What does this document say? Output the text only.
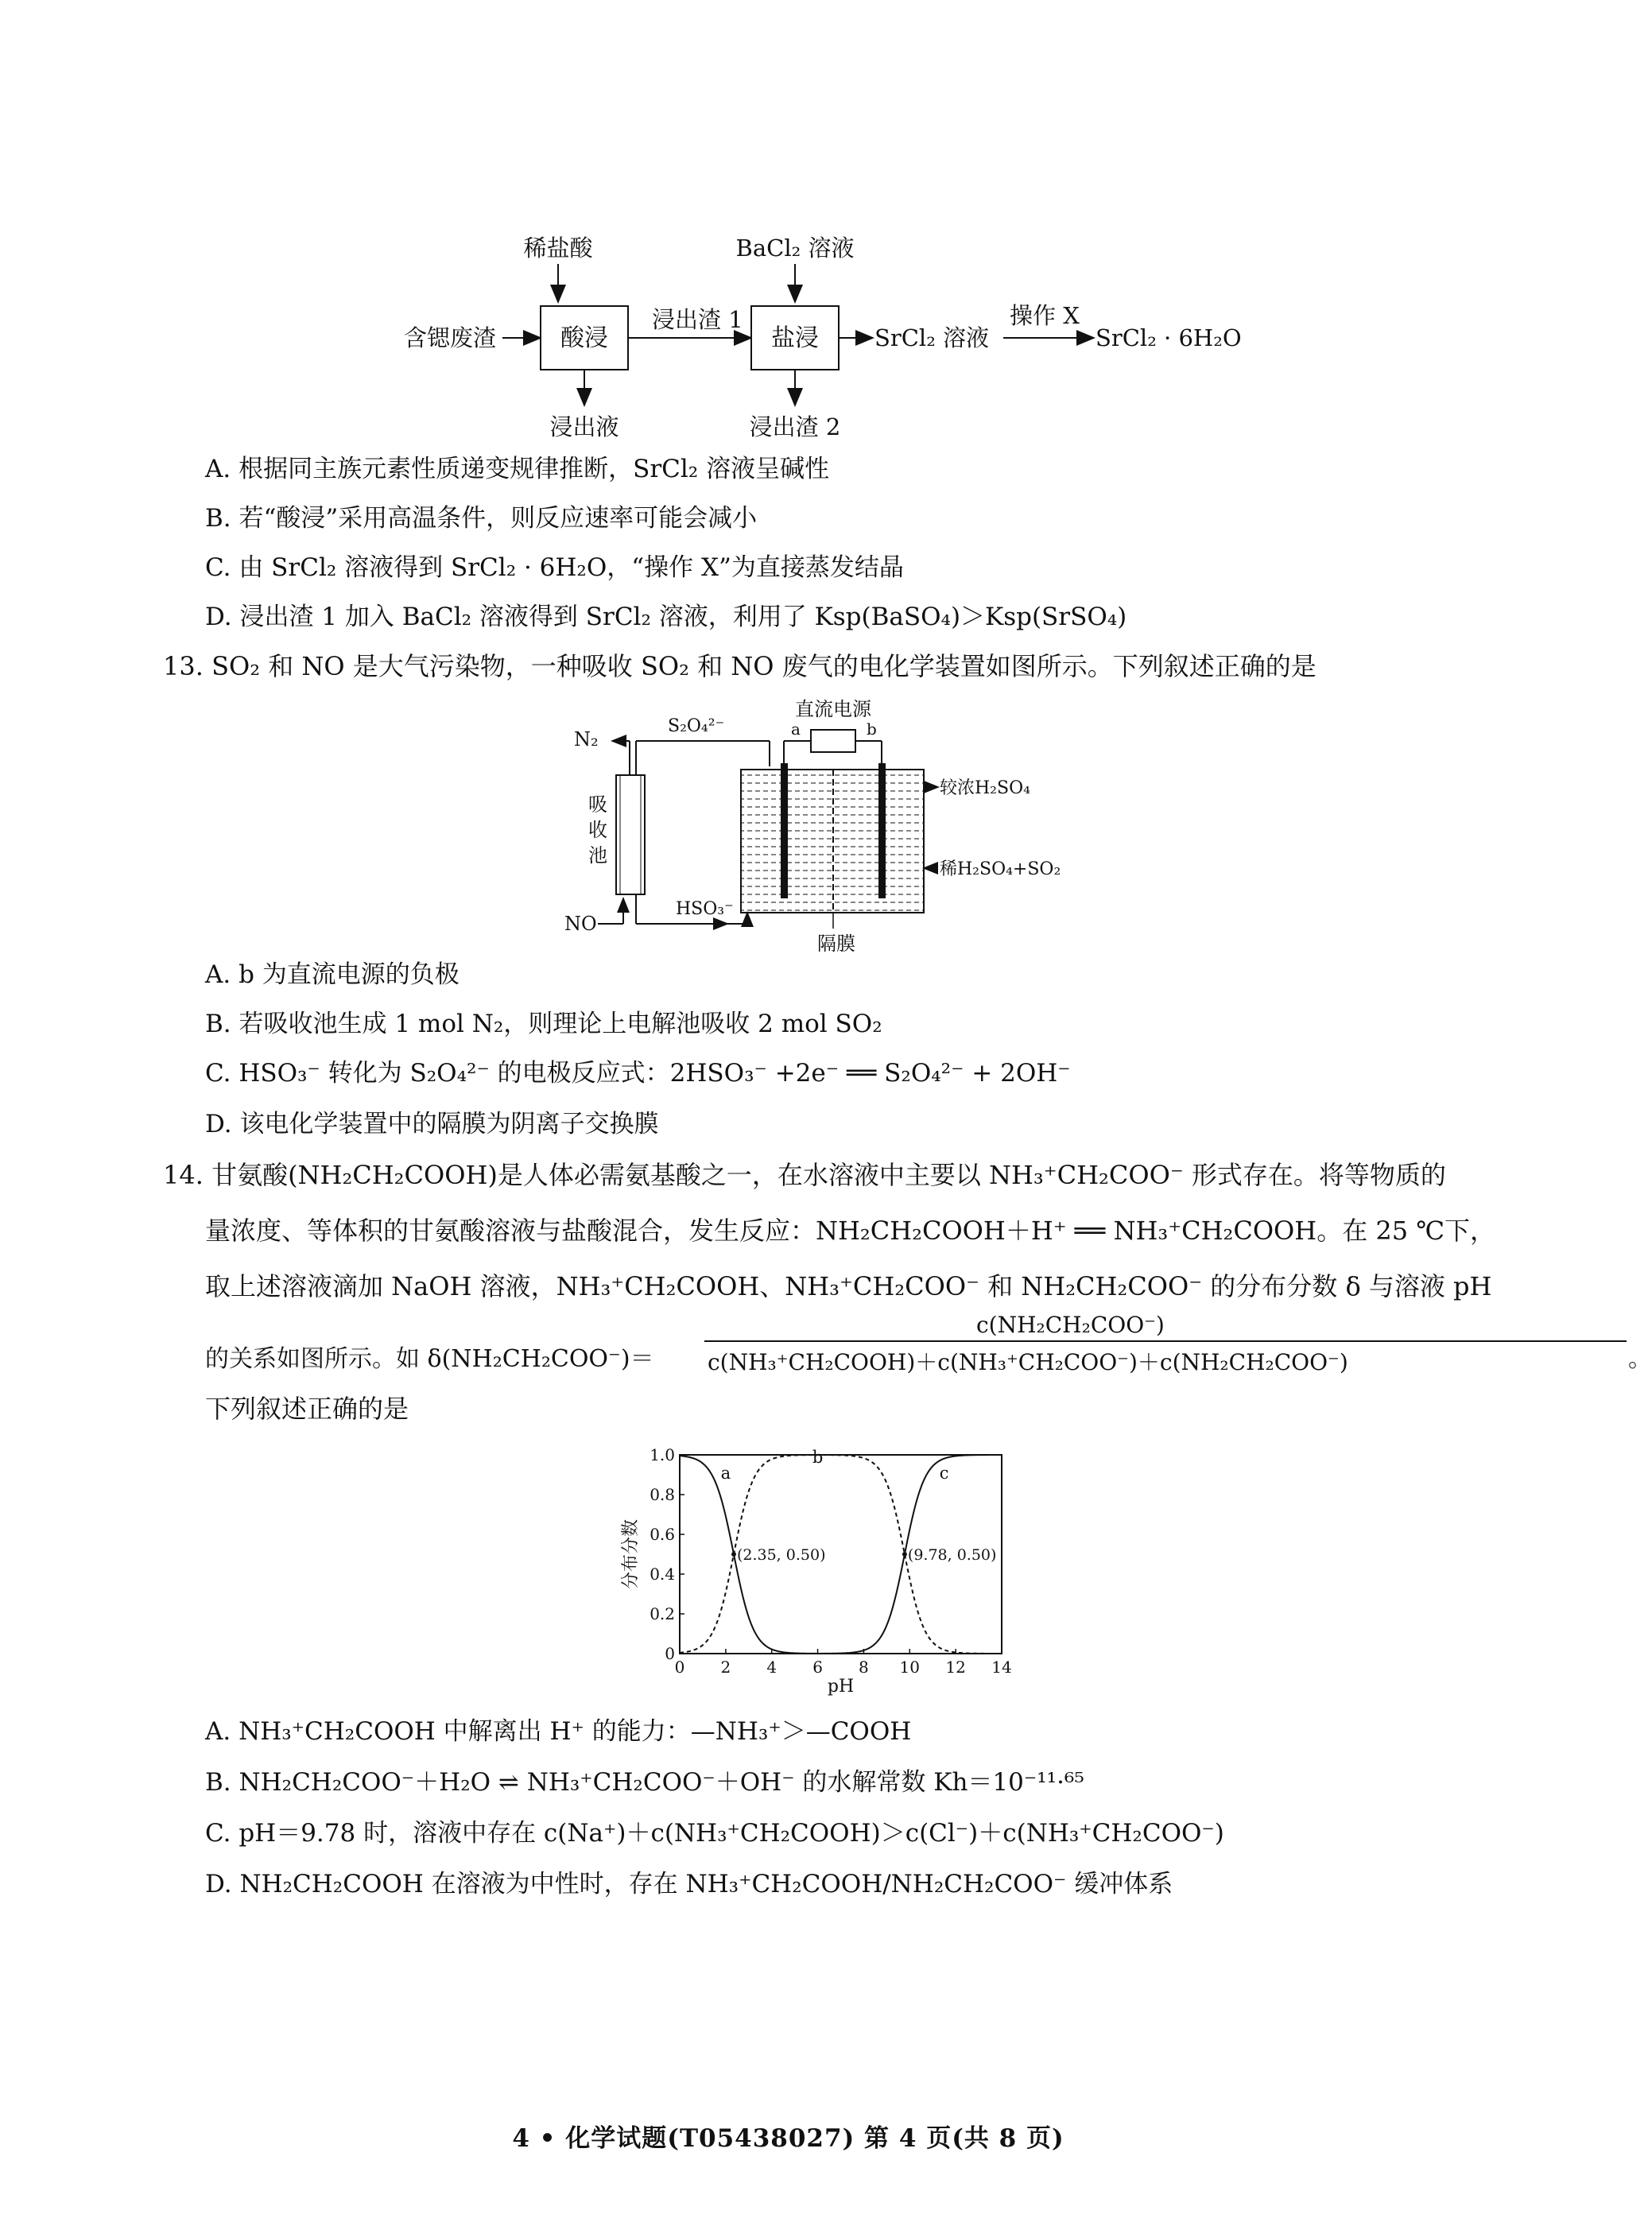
稀盐酸	BaCl₂ 溶液
含锶废渣	酸浸
浸出渣 1
盐浸 SrCl₂ 溶液
操作 X
SrCl₂ · 6H₂O
浸出液	浸出渣 2
A. 根据同主族元素性质递变规律推断，SrCl₂ 溶液呈碱性
B. 若“酸浸”采用高温条件，则反应速率可能会减小
C. 由 SrCl₂ 溶液得到 SrCl₂ · 6H₂O，“操作 X”为直接蒸发结晶
D. 浸出渣 1 加入 BaCl₂ 溶液得到 SrCl₂ 溶液，利用了 Ksp(BaSO₄)＞Ksp(SrSO₄)
13. SO₂ 和 NO 是大气污染物，一种吸收 SO₂ 和 NO 废气的电化学装置如图所示。下列叙述正确的是
N₂
吸
收
池
S₂O₄²⁻
NO
HSO₃⁻
直流电源
a	b
较浓H₂SO₄
稀H₂SO₄+SO₂
隔膜
A. b 为直流电源的负极
B. 若吸收池生成 1 mol N₂，则理论上电解池吸收 2 mol SO₂
C. HSO₃⁻ 转化为 S₂O₄²⁻ 的电极反应式：2HSO₃⁻ +2e⁻ ══ S₂O₄²⁻ + 2OH⁻
D. 该电化学装置中的隔膜为阴离子交换膜
14. 甘氨酸(NH₂CH₂COOH)是人体必需氨基酸之一，在水溶液中主要以 NH₃⁺CH₂COO⁻ 形式存在。将等物质的
量浓度、等体积的甘氨酸溶液与盐酸混合，发生反应：NH₂CH₂COOH＋H⁺ ══ NH₃⁺CH₂COOH。在 25 ℃下，
取上述溶液滴加 NaOH 溶液，NH₃⁺CH₂COOH、NH₃⁺CH₂COO⁻ 和 NH₂CH₂COO⁻ 的分布分数 δ 与溶液 pH
的关系如图所示。如 δ(NH₂CH₂COO⁻)＝
c(NH₂CH₂COO⁻)
c(NH₃⁺CH₂COOH)＋c(NH₃⁺CH₂COO⁻)＋c(NH₂CH₂COO⁻)	。
下列叙述正确的是
0 2 4 6 8 10 12 14
0
0.2
0.4
0.6
0.8
1.0
pH
分布分数
a
b
c
(2.35, 0.50)	(9.78, 0.50)
A. NH₃⁺CH₂COOH 中解离出 H⁺ 的能力：—NH₃⁺＞—COOH
B. NH₂CH₂COO⁻＋H₂O ⇌ NH₃⁺CH₂COO⁻＋OH⁻ 的水解常数 Kh＝10⁻¹¹·⁶⁵
C. pH＝9.78 时，溶液中存在 c(Na⁺)＋c(NH₃⁺CH₂COOH)＞c(Cl⁻)＋c(NH₃⁺CH₂COO⁻)
D. NH₂CH₂COOH 在溶液为中性时，存在 NH₃⁺CH₂COOH/NH₂CH₂COO⁻ 缓冲体系
4 • 化学试题(T05438027) 第 4 页(共 8 页)
